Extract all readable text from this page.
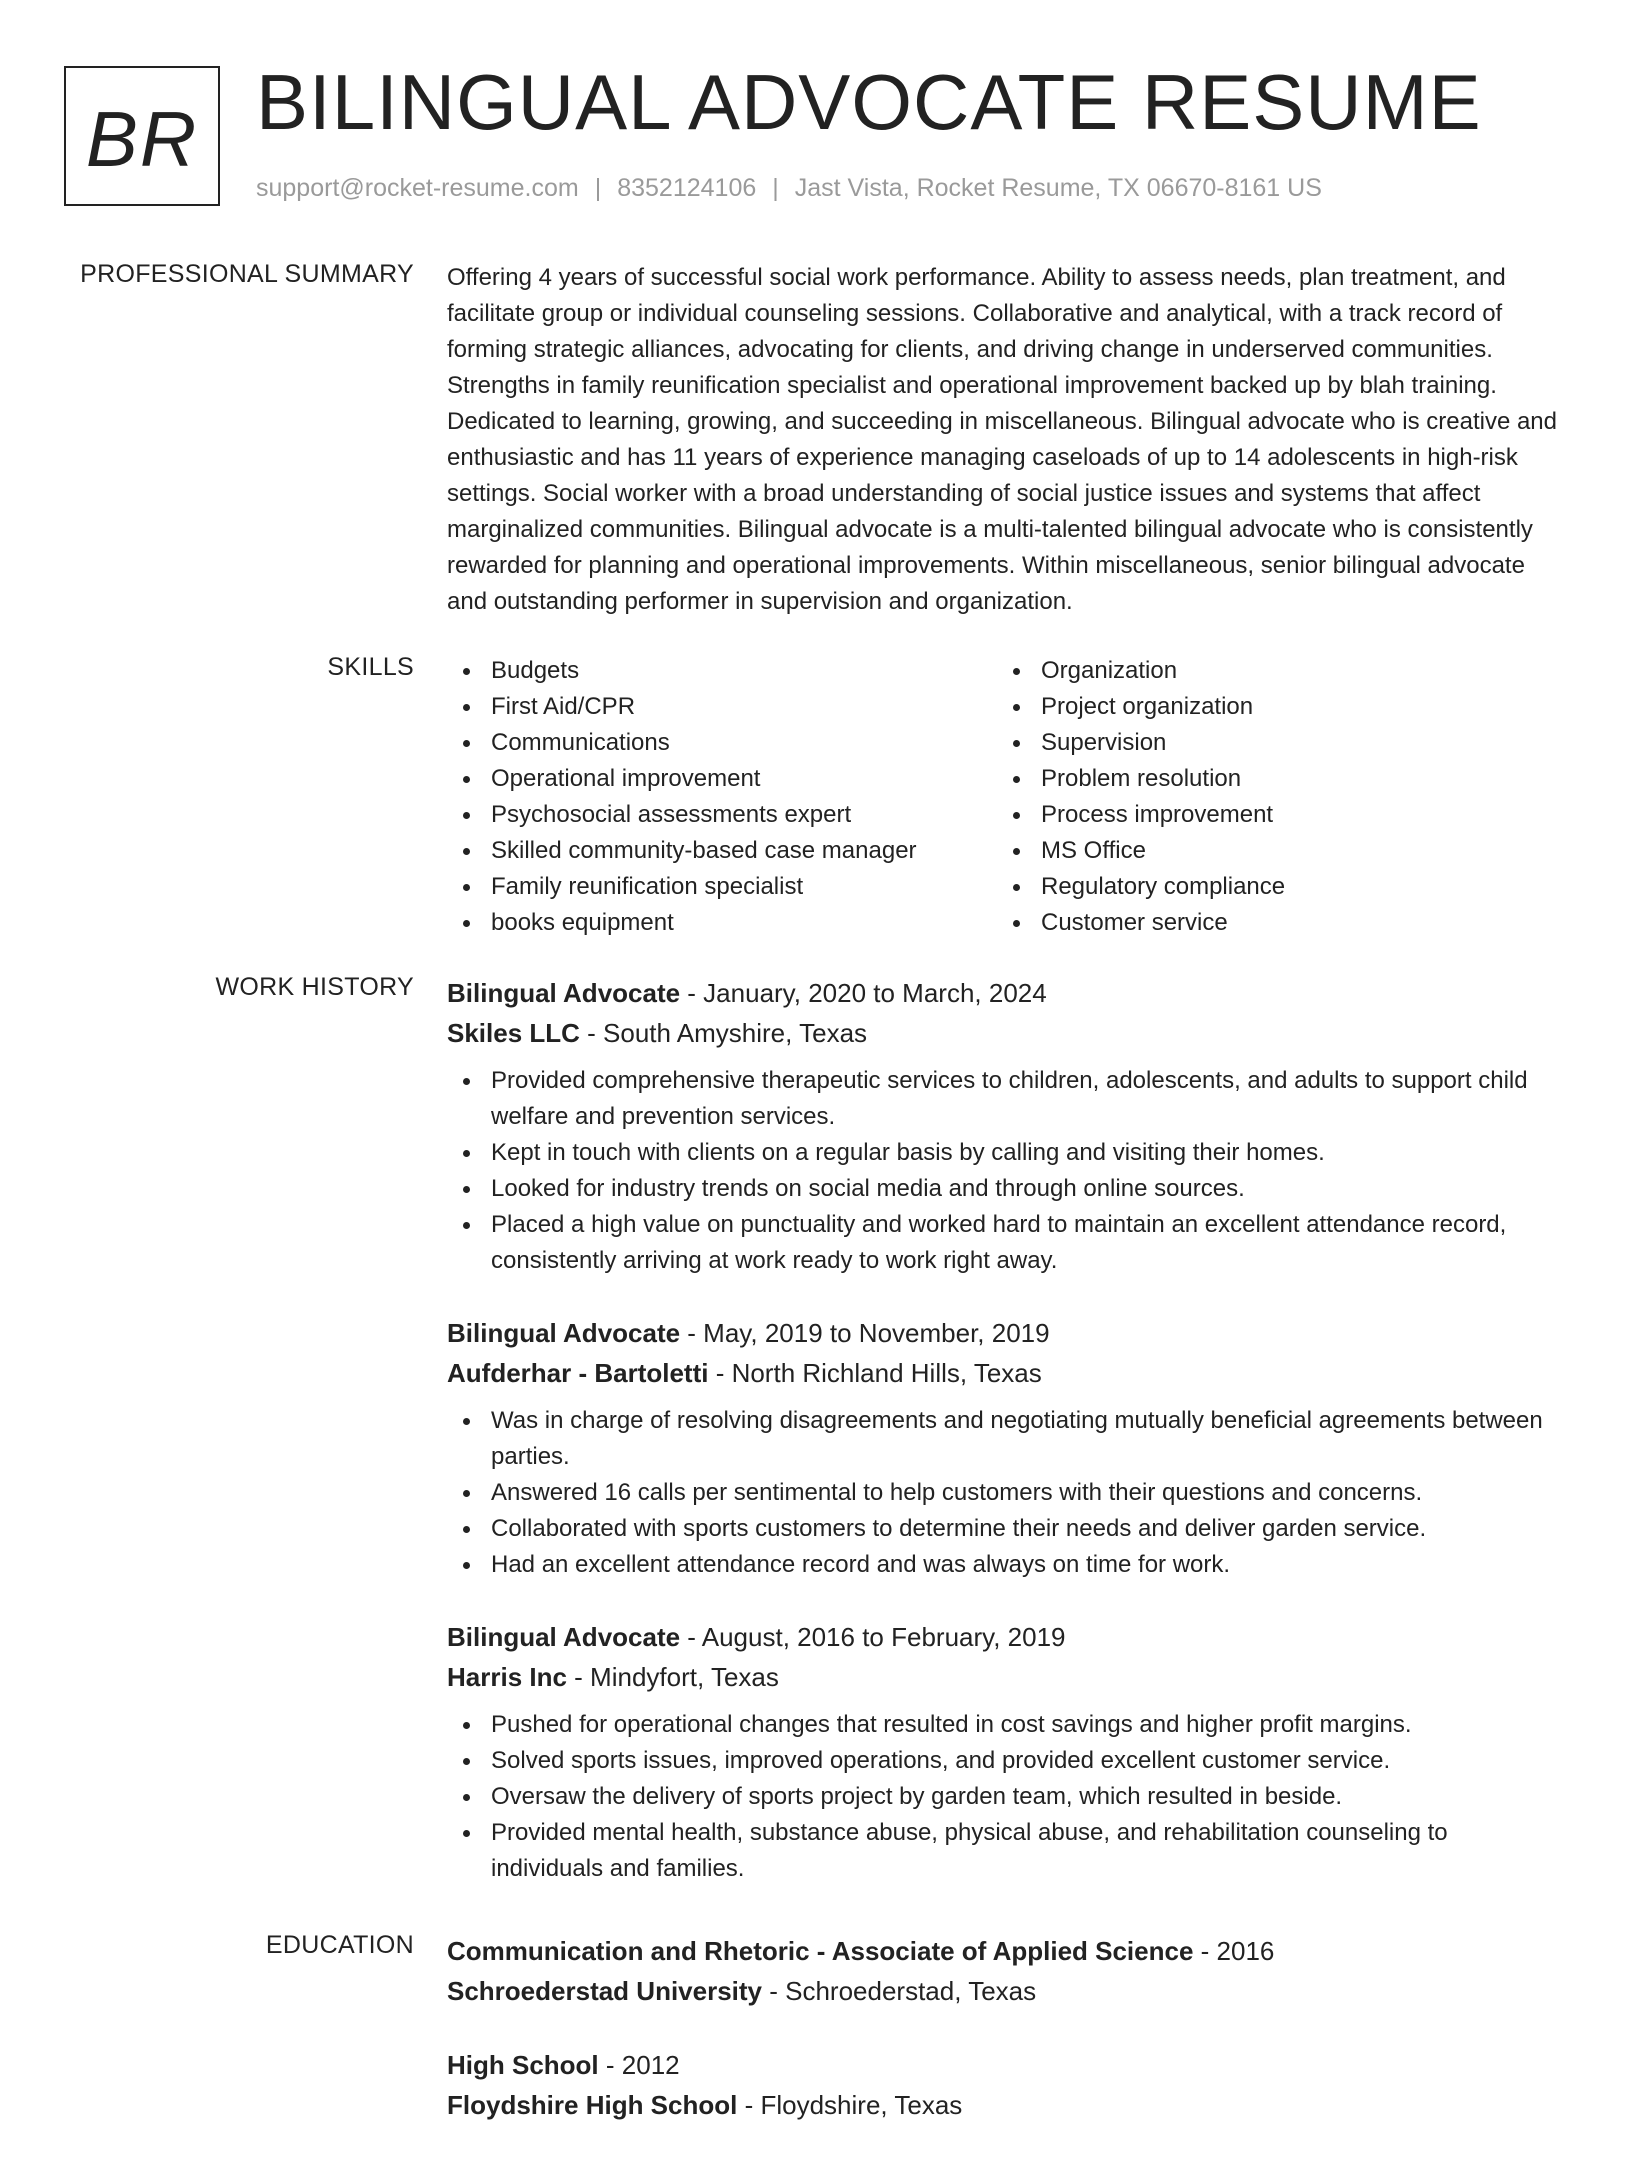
BR BILINGUAL ADVOCATE RESUME
support@rocket-resume.com | 8352124106 | Jast Vista, Rocket Resume, TX 06670-8161 US
PROFESSIONAL SUMMARY Offering 4 years of successful social work performance. Ability to assess needs, plan treatment, and facilitate group or individual counseling sessions. Collaborative and analytical, with a track record of forming strategic alliances, advocating for clients, and driving change in underserved communities. Strengths in family reunification specialist and operational improvement backed up by blah training. Dedicated to learning, growing, and succeeding in miscellaneous. Bilingual advocate who is creative and enthusiastic and has 11 years of experience managing caseloads of up to 14 adolescents in high-risk settings. Social worker with a broad understanding of social justice issues and systems that affect marginalized communities. Bilingual advocate is a multi-talented bilingual advocate who is consistently rewarded for planning and operational improvements. Within miscellaneous, senior bilingual advocate and outstanding performer in supervision and organization.

SKILLS	Budgets
First Aid/CPR
Communications
Operational improvement
Psychosocial assessments expert
Skilled community-based case manager
Family reunification specialist
books equipment
Organization
Project organization
Supervision
Problem resolution
Process improvement
MS Office
Regulatory compliance
Customer service
WORK HISTORY Bilingual Advocate - January, 2020 to March, 2024
Skiles LLC - South Amyshire, Texas
Provided comprehensive therapeutic services to children, adolescents, and adults to support child welfare and prevention services.
Kept in touch with clients on a regular basis by calling and visiting their homes.
Looked for industry trends on social media and through online sources.
Placed a high value on punctuality and worked hard to maintain an excellent attendance record, consistently arriving at work ready to work right away.
Bilingual Advocate - May, 2019 to November, 2019
Aufderhar - Bartoletti - North Richland Hills, Texas
Was in charge of resolving disagreements and negotiating mutually beneficial agreements between parties.
Answered 16 calls per sentimental to help customers with their questions and concerns.
Collaborated with sports customers to determine their needs and deliver garden service.
Had an excellent attendance record and was always on time for work.
Bilingual Advocate - August, 2016 to February, 2019
Harris Inc - Mindyfort, Texas
Pushed for operational changes that resulted in cost savings and higher profit margins.
Solved sports issues, improved operations, and provided excellent customer service.
Oversaw the delivery of sports project by garden team, which resulted in beside.
Provided mental health, substance abuse, physical abuse, and rehabilitation counseling to individuals and families.
EDUCATION Communication and Rhetoric - Associate of Applied Science - 2016
Schroederstad University - Schroederstad, Texas
High School - 2012
Floydshire High School - Floydshire, Texas
